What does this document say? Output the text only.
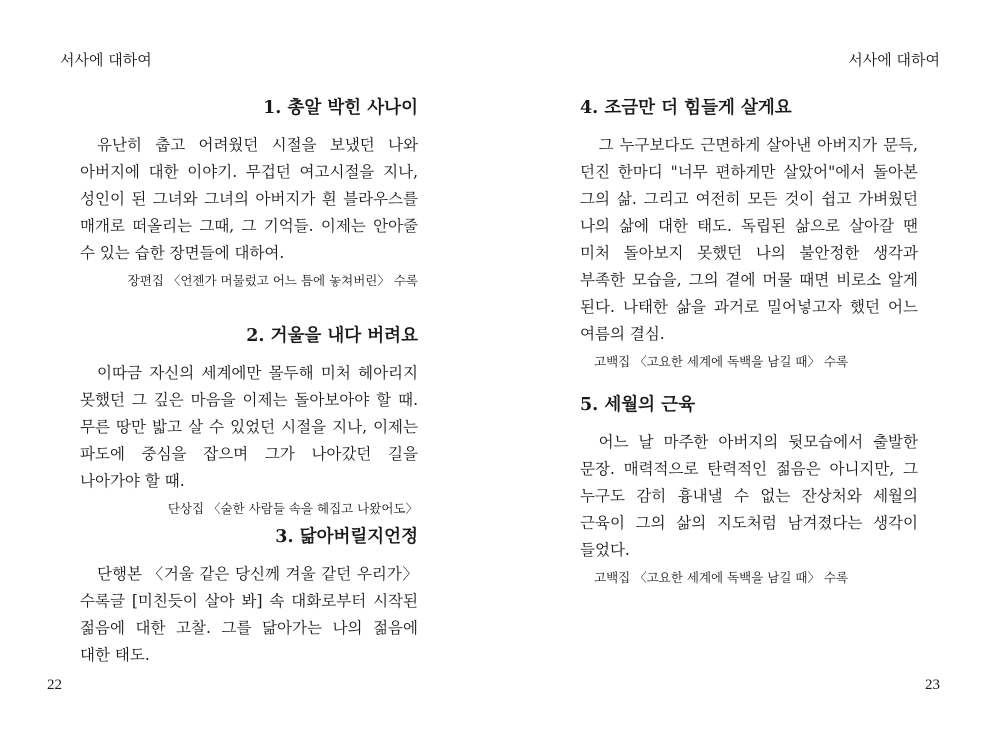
서사에 대하여
1. 총알 박힌 사나이

유난히 춥고 어려웠던 시절을 보냈던 나와 아버지에 대한 이야기. 무겁던 여고시절을 지나, 성인이 된 그녀와 그녀의 아버지가 흰 블라우스를 매개로 떠올리는 그때, 그 기억들. 이제는 안아줄 수 있는 습한 장면들에 대하여.

장편집 〈언젠가 머물렀고 어느 틈에 놓쳐버린〉 수록
2. 거울을 내다 버려요

이따금 자신의 세계에만 몰두해 미처 헤아리지 못했던 그 깊은 마음을 이제는 돌아보아야 할 때. 무른 땅만 밟고 살 수 있었던 시절을 지나, 이제는 파도에 중심을 잡으며 그가 나아갔던 길을 나아가야 할 때.

단상집 〈술한 사람들 속을 헤집고 나왔어도〉
3. 닮아버릴지언정

단행본 〈거울 같은 당신께 겨울 같던 우리가〉 수록글 [미친듯이 살아 봐] 속 대화로부터 시작된 젊음에 대한 고찰. 그를 닮아가는 나의 젊음에 대한 태도.

22
서사에 대하여
4. 조금만 더 힘들게 살게요

그 누구보다도 근면하게 살아낸 아버지가 문득, 던진 한마디 "너무 편하게만 살았어"에서 돌아본 그의 삶. 그리고 여전히 모든 것이 쉽고 가벼웠던 나의 삶에 대한 태도. 독립된 삶으로 살아갈 땐 미처 돌아보지 못했던 나의 불안정한 생각과 부족한 모습을, 그의 곁에 머물 때면 비로소 알게 된다. 나태한 삶을 과거로 밀어넣고자 했던 어느 여름의 결심.

고백집 〈고요한 세계에 독백을 남길 때〉 수록
5. 세월의 근육

어느 날 마주한 아버지의 뒷모습에서 출발한 문장. 매력적으로 탄력적인 젊음은 아니지만, 그 누구도 감히 흉내낼 수 없는 잔상처와 세월의 근육이 그의 삶의 지도처럼 남겨졌다는 생각이 들었다.

고백집 〈고요한 세계에 독백을 남길 때〉 수록
23
